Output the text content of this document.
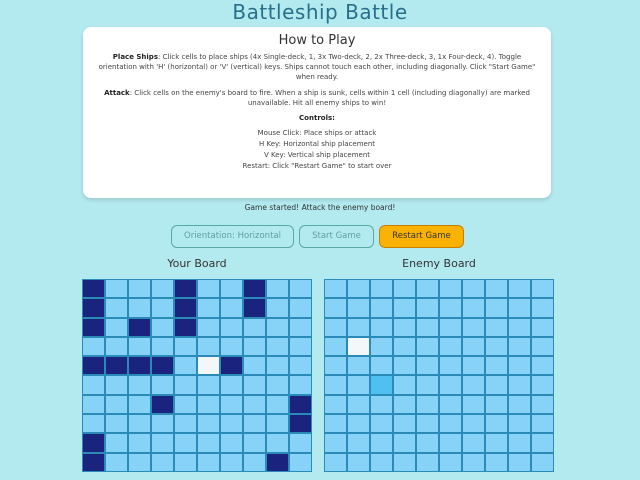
Battleship Battle
How to Play

Place Ships: Click cells to place ships (4x Single-deck, 1, 3x Two-deck, 2, 2x Three-deck, 3, 1x Four-deck, 4). Toggle orientation with 'H' (horizontal) or 'V' (vertical) keys. Ships cannot touch each other, including diagonally. Click "Start Game" when ready.

Attack: Click cells on the enemy's board to fire. When a ship is sunk, cells within 1 cell (including diagonally) are marked unavailable. Hit all enemy ships to win!

Controls:
Mouse Click: Place ships or attack
H Key: Horizontal ship placement
V Key: Vertical ship placement
Restart: Click "Restart Game" to start over
Game started! Attack the enemy board!
Orientation: Horizontal	Start Game	Restart Game
Your Board	Enemy Board
